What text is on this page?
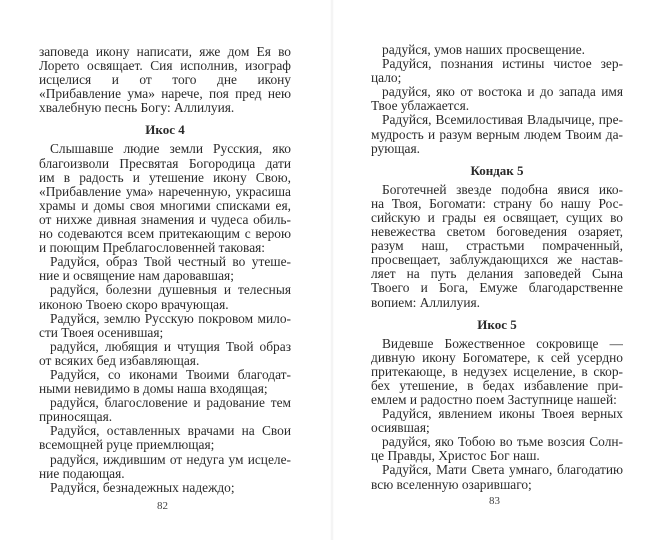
заповеда икону написати, яже дом Ея во
Лорето освящает. Сия исполнив, изограф
исцелися и от того дне икону
«Прибавление ума» нарече, поя пред нею
хвалебную песнь Богу: Аллилуия.
Икос 4
Слышавше людие земли Русския, яко
благоизволи Пресвятая Богородица дати
им в радость и утешение икону Свою,
«Прибавление ума» нареченную, украсиша
храмы и домы своя многими списками ея,
от нихже дивная знамения и чудеса обиль-
но содеваются всем притекающим с верою
и поющим Преблагословенней таковая:
Радуйся, образ Твой честный во утеше-
ние и освящение нам даровавшая;
радуйся, болезни душевныя и телесныя
иконою Твоею скоро врачующая.
Радуйся, землю Русскую покровом мило-
сти Твоея осенившая;
радуйся, любящия и чтущия Твой образ
от всяких бед избавляющая.
Радуйся, со иконами Твоими благодат-
ными невидимо в домы наша входящая;
радуйся, благословение и радование тем
приносящая.
Радуйся, оставленных врачами на Свои
всемощней руце приемлющая;
радуйся, иждившим от недуга ум исцеле-
ние подающая.
Радуйся, безнадежных надеждо;
радуйся, умов наших просвещение.
Радуйся, познания истины чистое зер-
цало;
радуйся, яко от востока и до запада имя
Твое ублажается.
Радуйся, Всемилостивая Владычице, пре-
мудрость и разум верным людем Твоим да-
рующая.
Кондак 5
Боготечней звезде подобна явися ико-
на Твоя, Богомати: страну бо нашу Рос-
сийскую и грады ея освящает, сущих во
невежества светом боговедения озаряет,
разум наш, страстьми помраченный,
просвещает, заблуждающихся же настав-
ляет на путь делания заповедей Сына
Твоего и Бога, Емуже благодарственне
вопием: Аллилуия.
Икос 5
Видевше Божественное сокровище —
дивную икону Богоматере, к сей усердно
притекающе, в недузех исцеление, в скор-
бех утешение, в бедах избавление при-
емлем и радостно поем Заступнице нашей:
Радуйся, явлением иконы Твоея верных
осиявшая;
радуйся, яко Тобою во тьме возсия Солн-
це Правды, Христос Бог наш.
Радуйся, Мати Света умнаго, благодатию
всю вселенную озарившаго;
82	83
